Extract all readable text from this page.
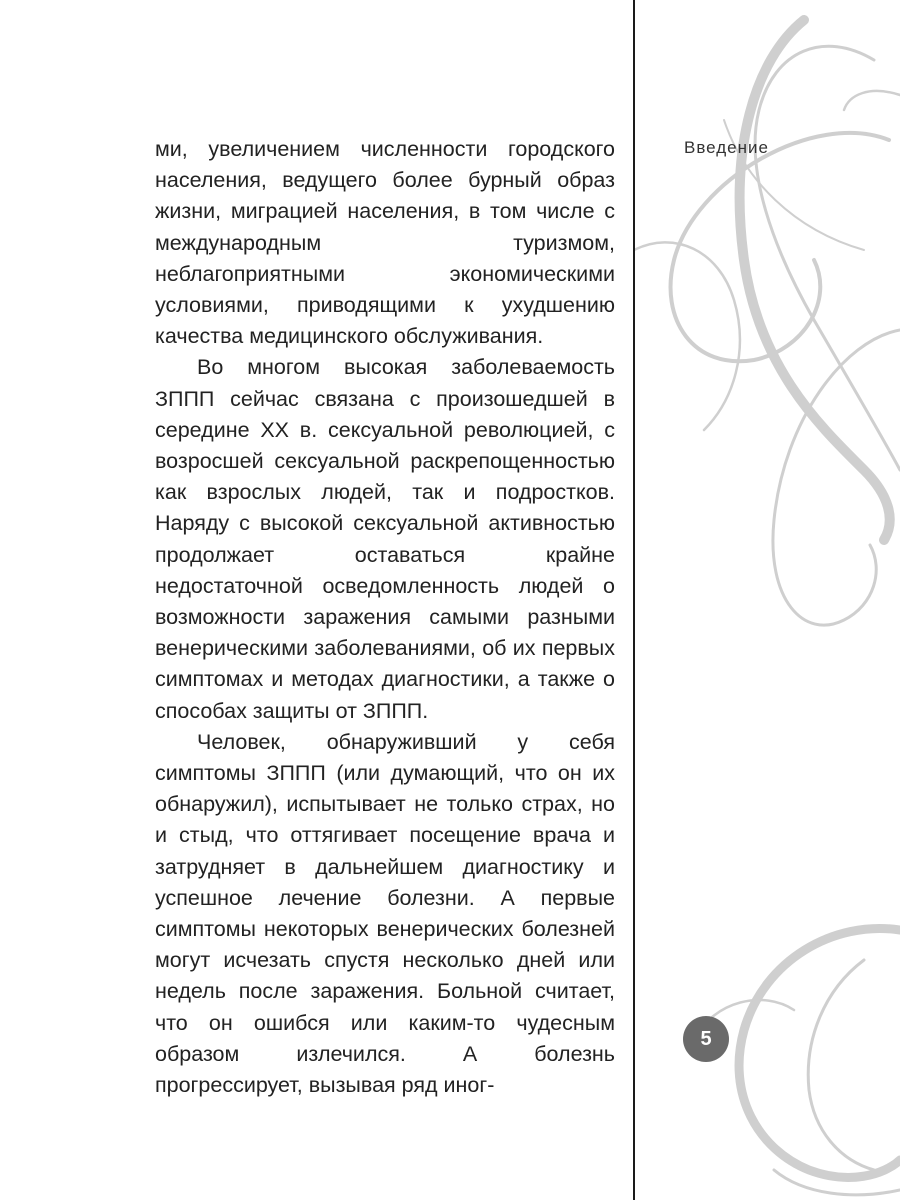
Введение

ми, увеличением численности городского населения, ведущего более бурный образ жизни, миграцией населения, в том числе с международным туризмом, неблагоприятными экономическими условиями, приводящими к ухудшению качества медицинского обслуживания.

Во многом высокая заболеваемость ЗППП сейчас связана с произошедшей в середине XX в. сексуальной революцией, с возросшей сексуальной раскрепощенностью как взрослых людей, так и подростков. Наряду с высокой сексуальной активностью продолжает оставаться крайне недостаточной осведомленность людей о возможности заражения самыми разными венерическими заболеваниями, об их первых симптомах и методах диагностики, а также о способах защиты от ЗППП.

Человек, обнаруживший у себя симптомы ЗППП (или думающий, что он их обнаружил), испытывает не только страх, но и стыд, что оттягивает посещение врача и затрудняет в дальнейшем диагностику и успешное лечение болезни. А первые симптомы некоторых венерических болезней могут исчезать спустя несколько дней или недель после заражения. Больной считает, что он ошибся или каким-то чудесным образом излечился. А болезнь прогрессирует, вызывая ряд иног-

5
